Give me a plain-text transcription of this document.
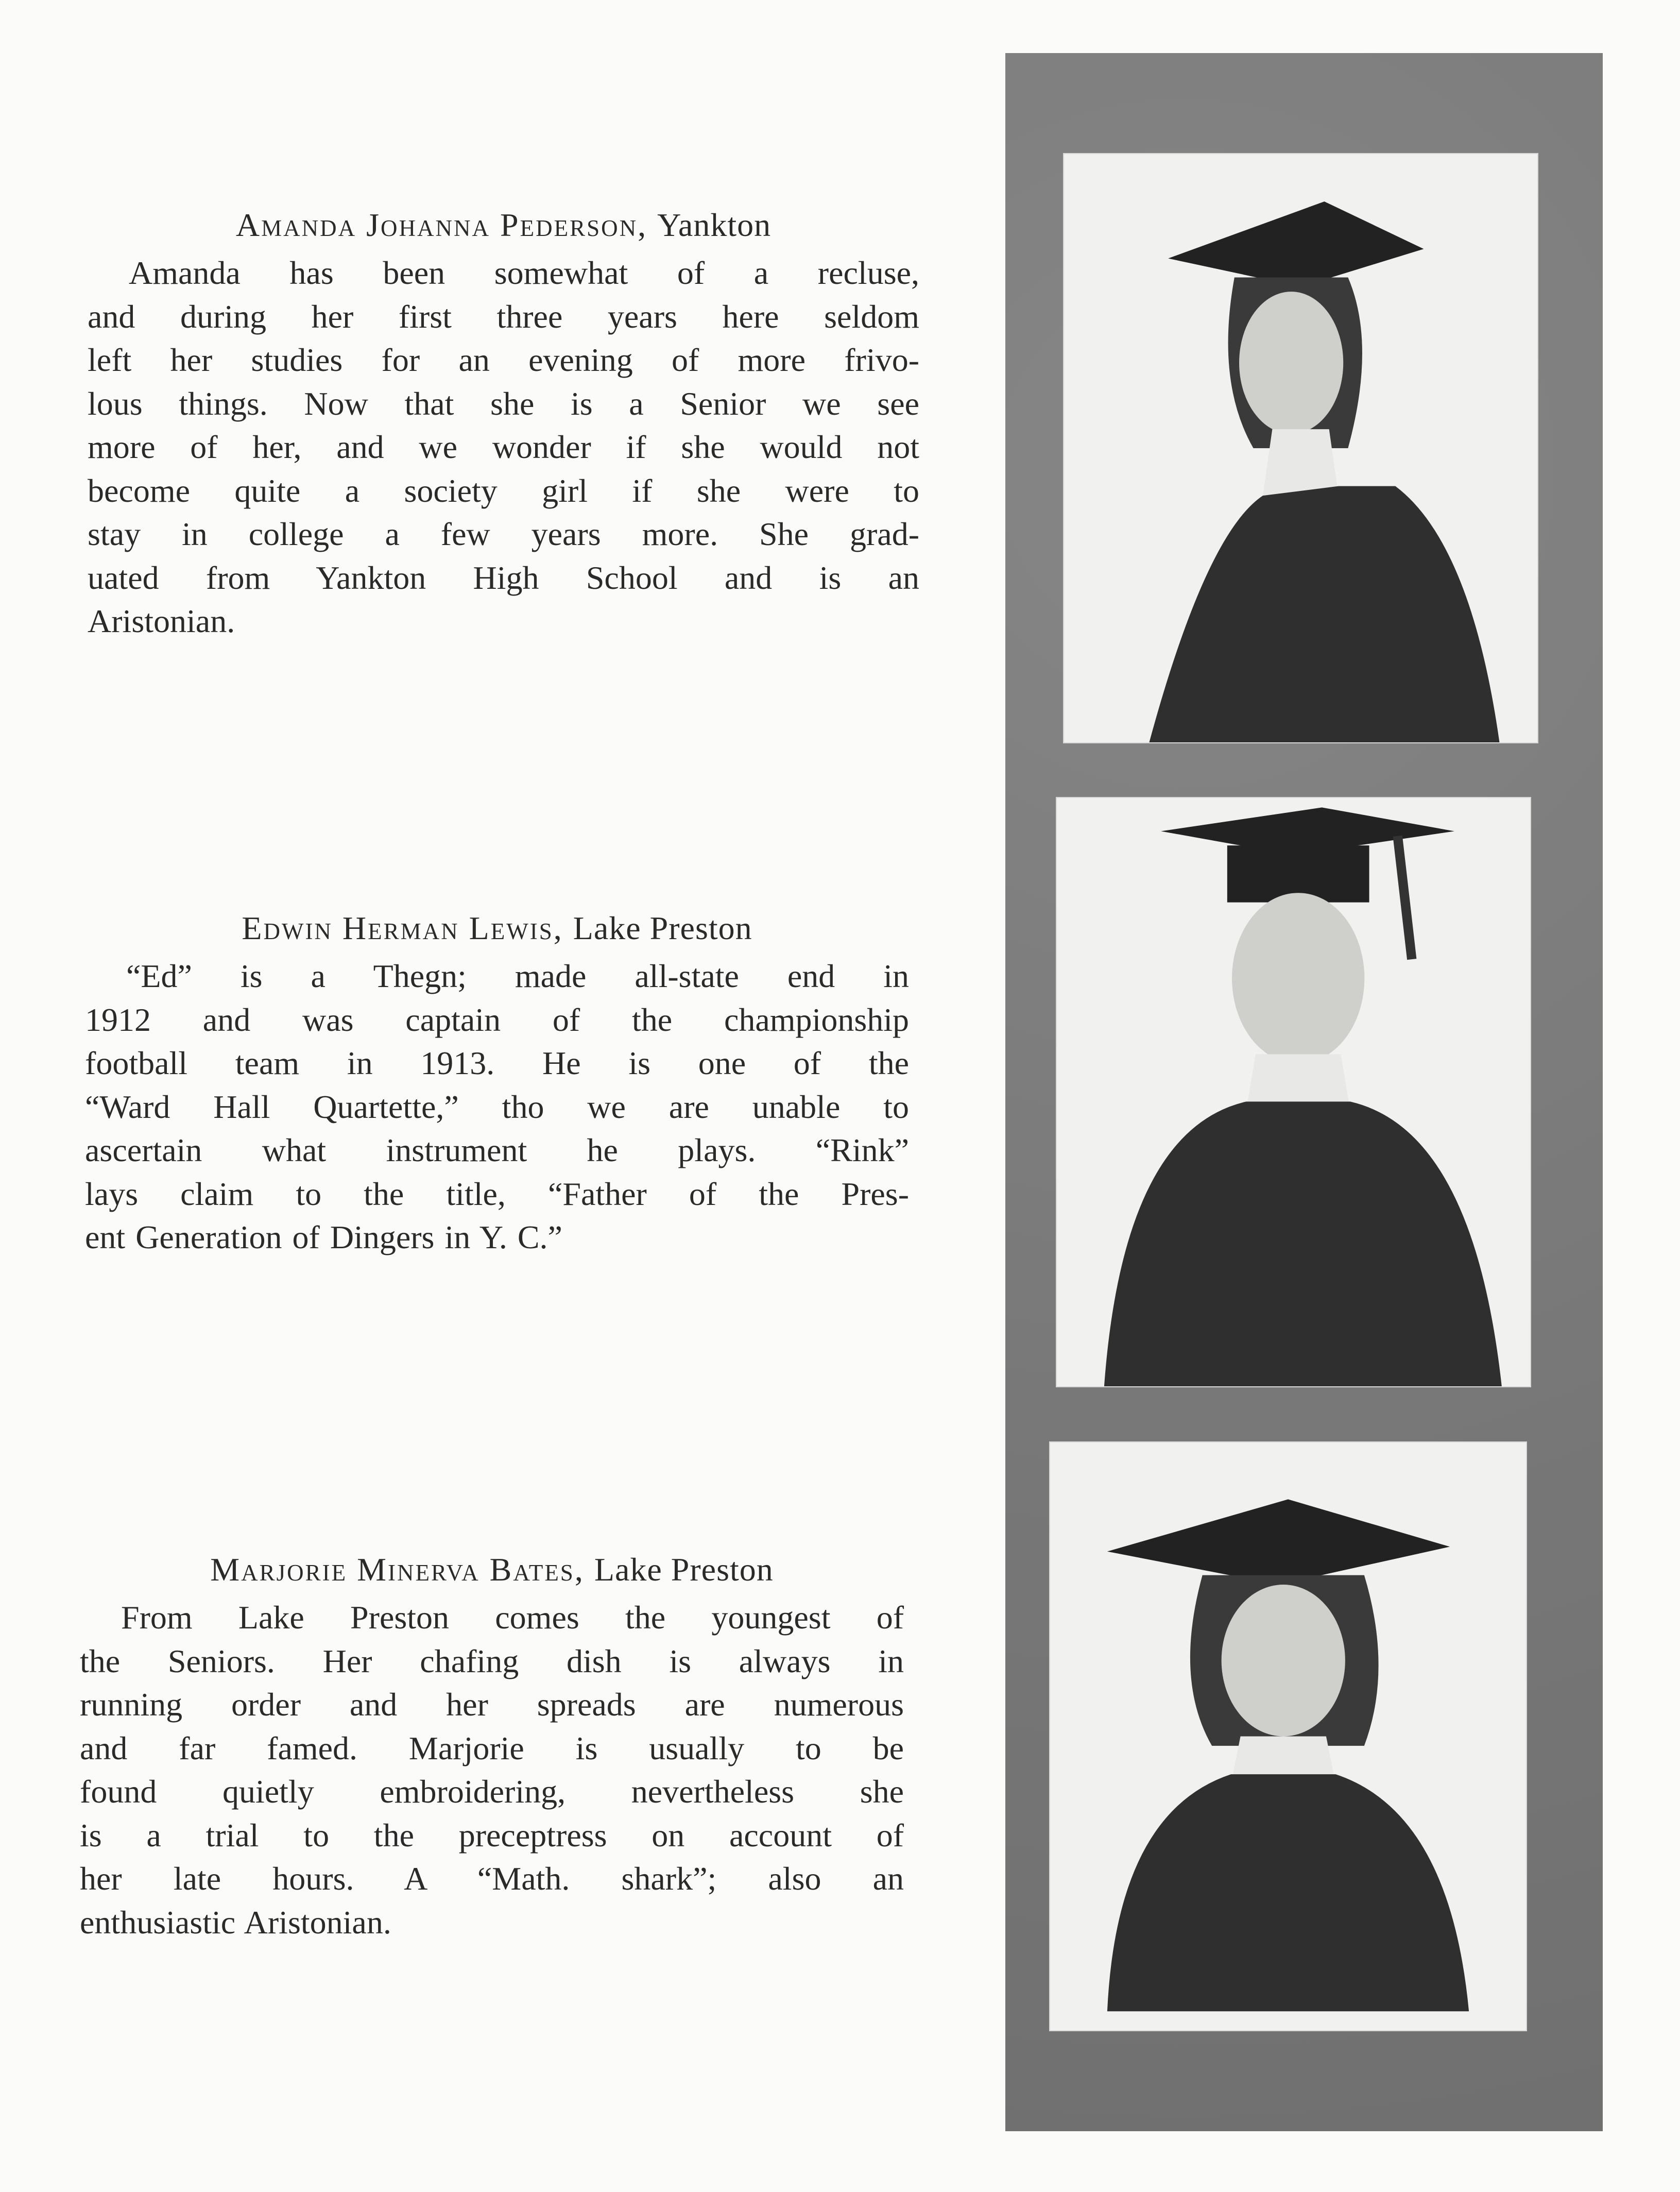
Amanda Johanna Pederson, Yankton
Amanda has been somewhat of a recluse,
and during her first three years here seldom
left her studies for an evening of more frivo-
lous things. Now that she is a Senior we see
more of her, and we wonder if she would not
become quite a society girl if she were to
stay in college a few years more. She grad-
uated from Yankton High School and is an
Aristonian.
Edwin Herman Lewis, Lake Preston
“Ed” is a Thegn; made all-state end in
1912 and was captain of the championship
football team in 1913. He is one of the
“Ward Hall Quartette,” tho we are unable to
ascertain what instrument he plays. “Rink”
lays claim to the title, “Father of the Pres-
ent Generation of Dingers in Y. C.”
Marjorie Minerva Bates, Lake Preston
From Lake Preston comes the youngest of
the Seniors. Her chafing dish is always in
running order and her spreads are numerous
and far famed. Marjorie is usually to be
found quietly embroidering, nevertheless she
is a trial to the preceptress on account of
her late hours. A “Math. shark”; also an
enthusiastic Aristonian.
